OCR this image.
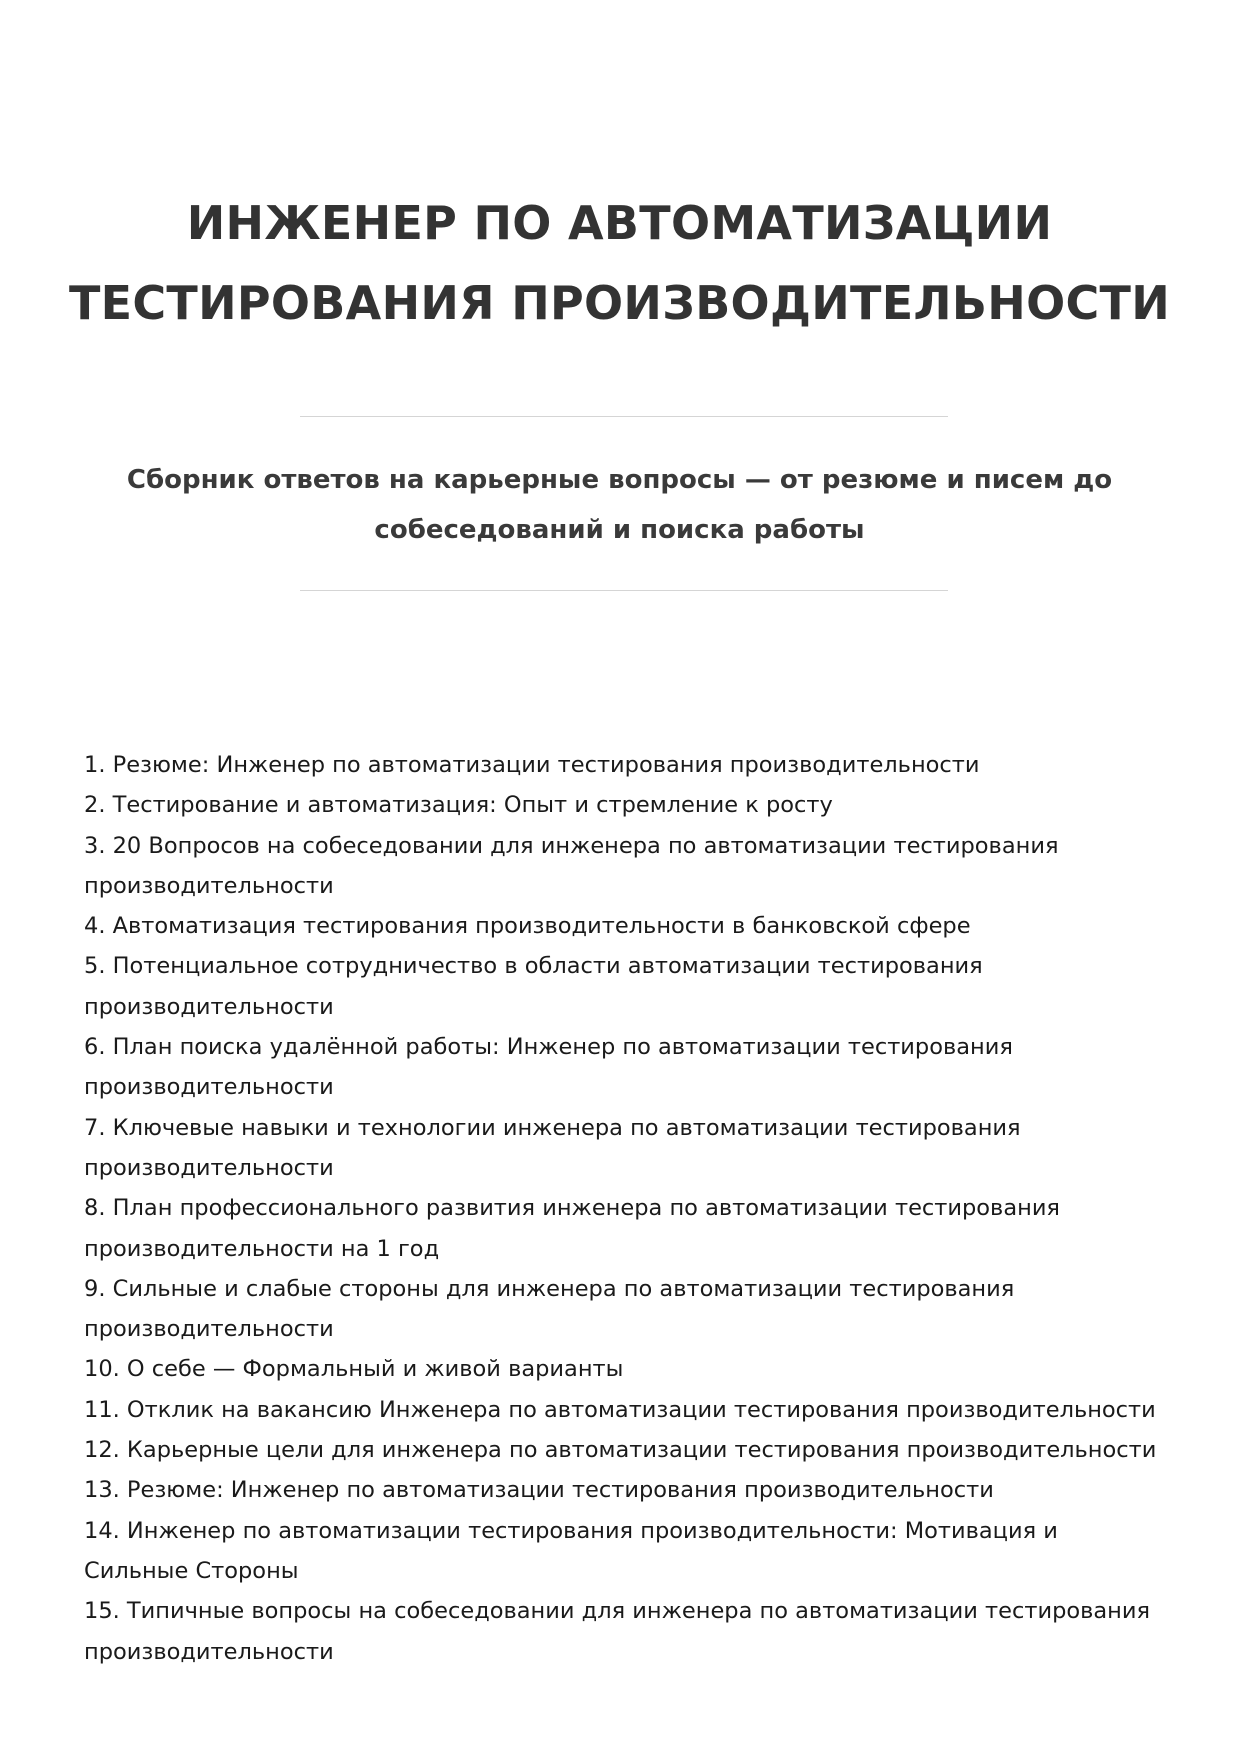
ИНЖЕНЕР ПО АВТОМАТИЗАЦИИ
ТЕСТИРОВАНИЯ ПРОИЗВОДИТЕЛЬНОСТИ

Сборник ответов на карьерные вопросы — от резюме и писем до собеседований и поиска работы

1. Резюме: Инженер по автоматизации тестирования производительности
2. Тестирование и автоматизация: Опыт и стремление к росту
3. 20 Вопросов на собеседовании для инженера по автоматизации тестирования производительности
4. Автоматизация тестирования производительности в банковской сфере
5. Потенциальное сотрудничество в области автоматизации тестирования производительности
6. План поиска удалённой работы: Инженер по автоматизации тестирования производительности
7. Ключевые навыки и технологии инженера по автоматизации тестирования производительности
8. План профессионального развития инженера по автоматизации тестирования производительности на 1 год
9. Сильные и слабые стороны для инженера по автоматизации тестирования производительности
10. О себе — Формальный и живой варианты
11. Отклик на вакансию Инженера по автоматизации тестирования производительности
12. Карьерные цели для инженера по автоматизации тестирования производительности
13. Резюме: Инженер по автоматизации тестирования производительности
14. Инженер по автоматизации тестирования производительности: Мотивация и Сильные Стороны
15. Типичные вопросы на собеседовании для инженера по автоматизации тестирования производительности
